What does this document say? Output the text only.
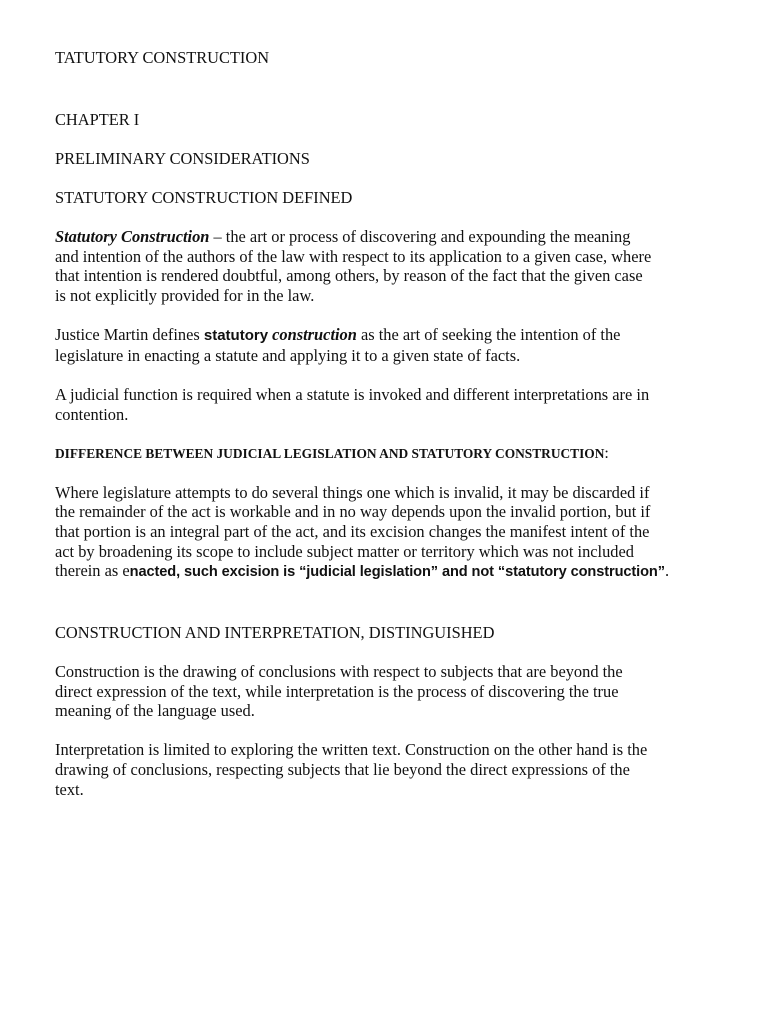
TATUTORY CONSTRUCTION
CHAPTER I
PRELIMINARY CONSIDERATIONS
STATUTORY CONSTRUCTION DEFINED
Statutory Construction – the art or process of discovering and expounding the meaning
and intention of the authors of the law with respect to its application to a given case, where
that intention is rendered doubtful, among others, by reason of the fact that the given case
is not explicitly provided for in the law.
Justice Martin defines statutory construction as the art of seeking the intention of the
legislature in enacting a statute and applying it to a given state of facts.
A judicial function is required when a statute is invoked and different interpretations are in
contention.
DIFFERENCE BETWEEN JUDICIAL LEGISLATION AND STATUTORY CONSTRUCTION:
Where legislature attempts to do several things one which is invalid, it may be discarded if
the remainder of the act is workable and in no way depends upon the invalid portion, but if
that portion is an integral part of the act, and its excision changes the manifest intent of the
act by broadening its scope to include subject matter or territory which was not included
therein as enacted, such excision is “judicial legislation” and not “statutory construction”.
CONSTRUCTION AND INTERPRETATION, DISTINGUISHED
Construction is the drawing of conclusions with respect to subjects that are beyond the
direct expression of the text, while interpretation is the process of discovering the true
meaning of the language used.
Interpretation is limited to exploring the written text. Construction on the other hand is the
drawing of conclusions, respecting subjects that lie beyond the direct expressions of the
text.
